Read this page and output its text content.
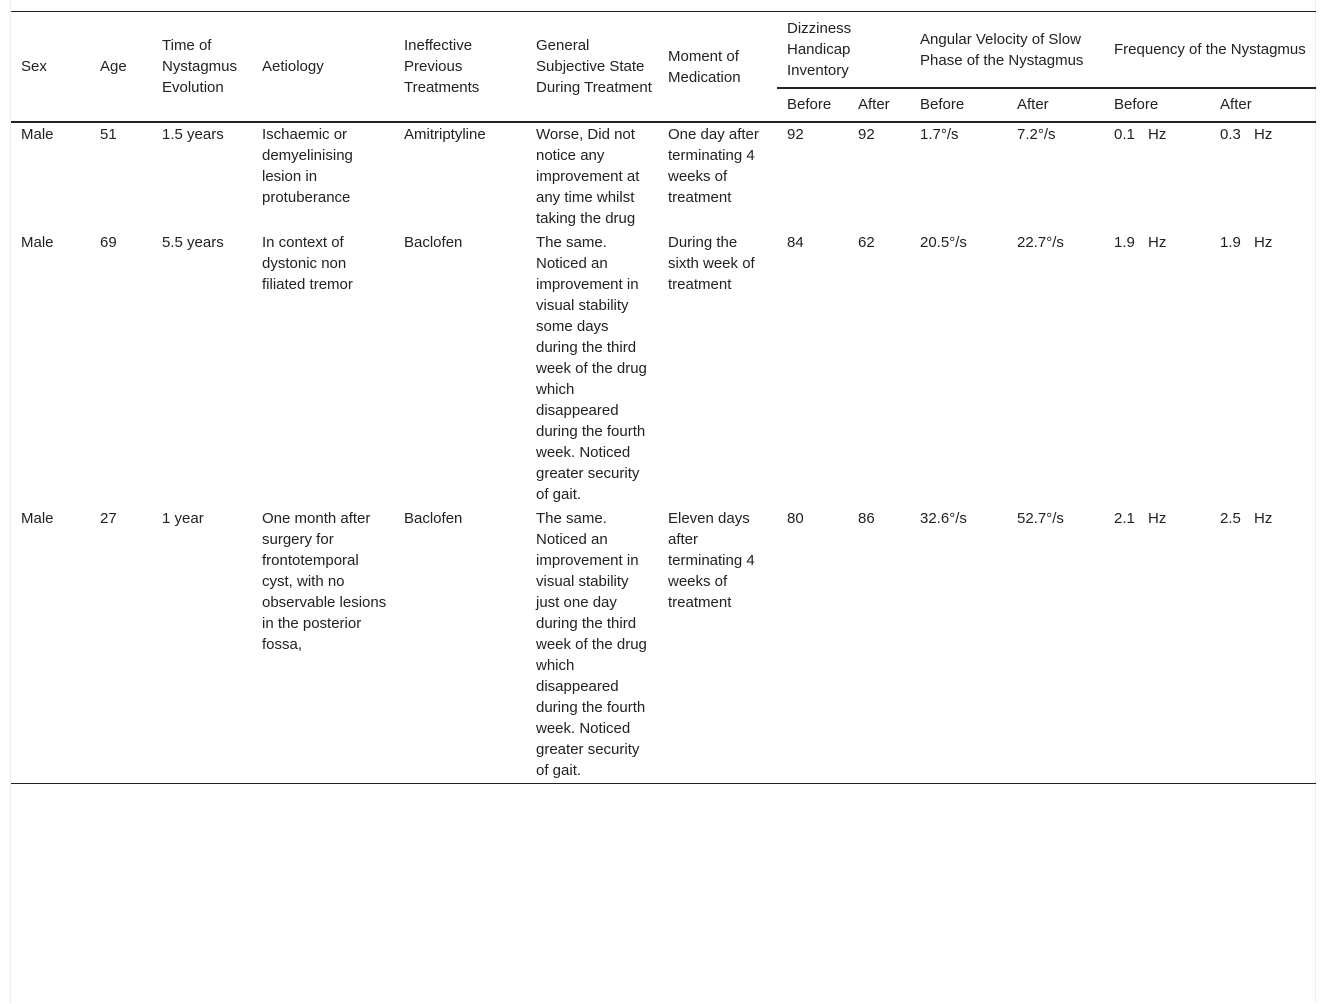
Sex	Age	Time of Nystagmus Evolution	Aetiology	Ineffective Previous Treatments	General Subjective State During Treatment	Moment of Medication	Dizziness Handicap Inventory		Angular Velocity of Slow Phase of the Nystagmus		Frequency of the Nystagmus	
							Before	After	Before	After	Before	After
Male	51	1.5 years	Ischaemic or demyelinising lesion in protuberance	Amitriptyline	Worse, Did not notice any improvement at any time whilst taking the drug	One day after terminating 4 weeks of treatment	92	92	1.7°/s	7.2°/s	0.1 Hz	0.3 Hz
Male	69	5.5 years	In context of dystonic non filiated tremor	Baclofen	The same. Noticed an improvement in visual stability some days during the third week of the drug which disappeared during the fourth week. Noticed greater security of gait.	During the sixth week of treatment	84	62	20.5°/s	22.7°/s	1.9 Hz	1.9 Hz
Male	27	1 year	One month after surgery for frontotemporal cyst, with no observable lesions in the posterior fossa,	Baclofen	The same. Noticed an improvement in visual stability just one day during the third week of the drug which disappeared during the fourth week. Noticed greater security of gait.	Eleven days after terminating 4 weeks of treatment	80	86	32.6°/s	52.7°/s	2.1 Hz	2.5 Hz
